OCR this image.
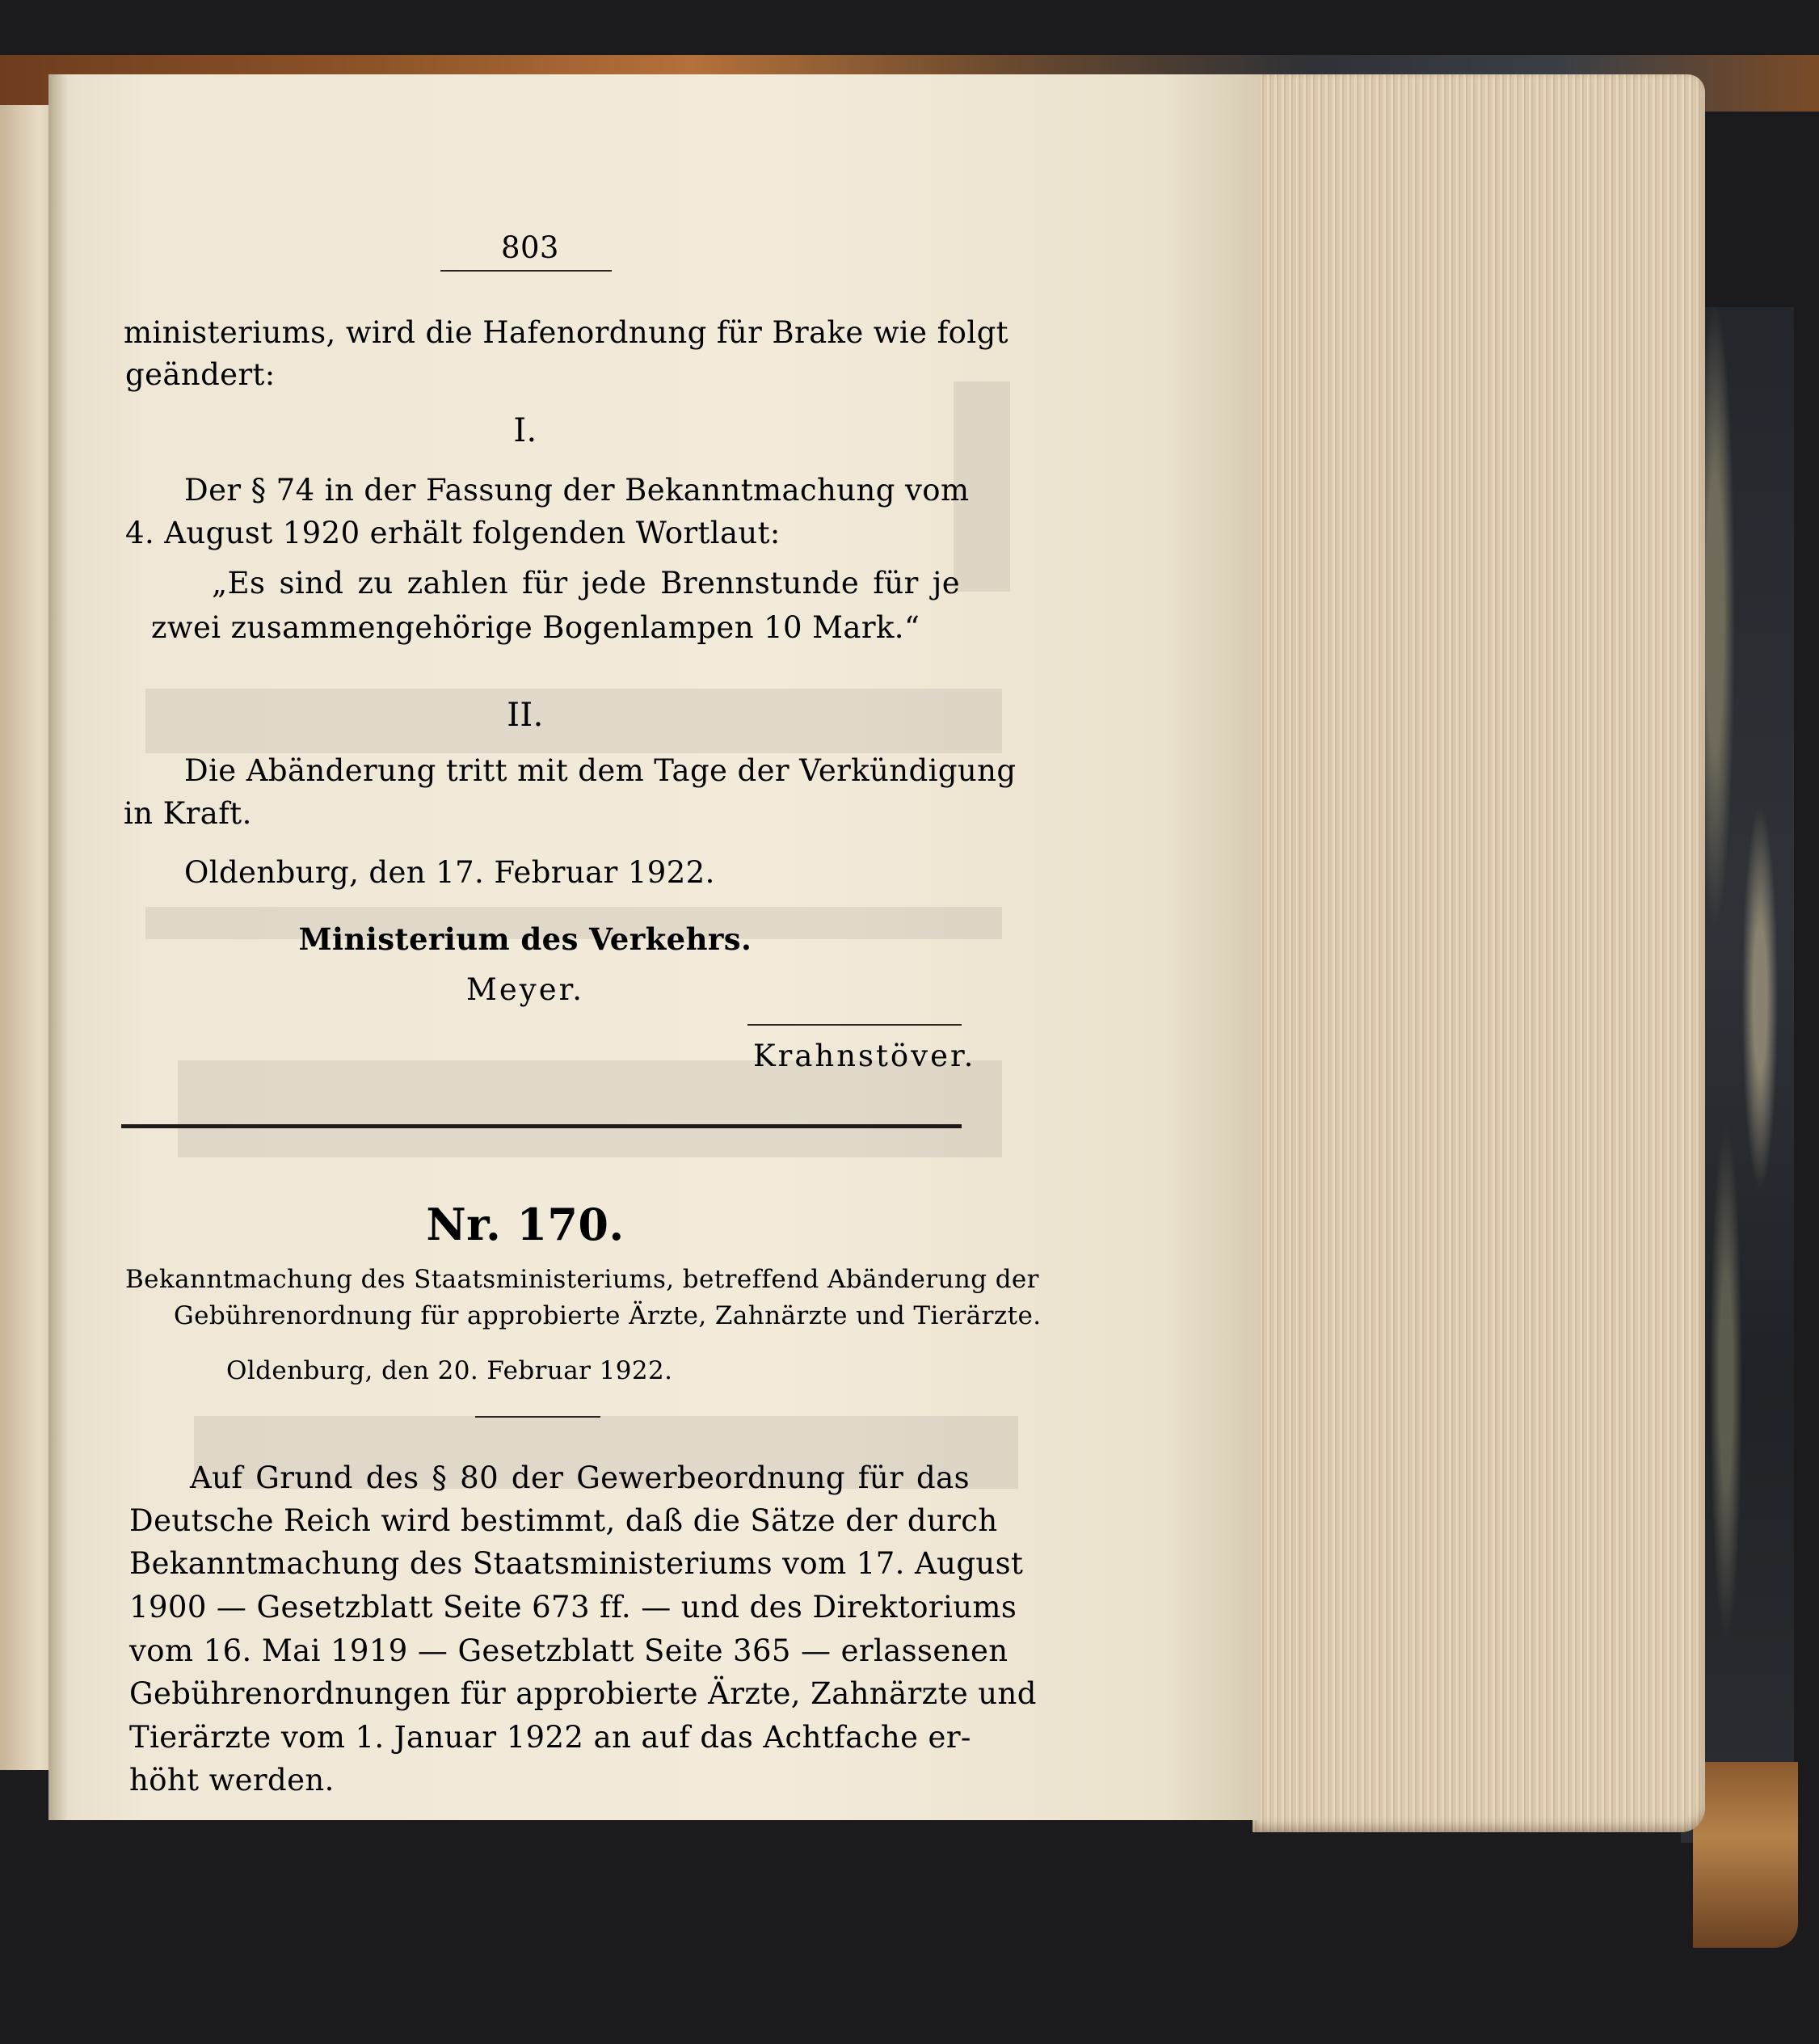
803
ministeriums, wird die Hafenordnung für Brake wie folgt
geändert:
I.
Der § 74 in der Fassung der Bekanntmachung vom
4. August 1920 erhält folgenden Wortlaut:
„Es sind zu zahlen für jede Brennstunde für je
zwei zusammengehörige Bogenlampen 10 Mark.“
II.
Die Abänderung tritt mit dem Tage der Verkündigung
in Kraft.
Oldenburg, den 17. Februar 1922.
Ministerium des Verkehrs.
Meyer.
Krahnstöver.
Nr. 170.
Bekanntmachung des Staatsministeriums, betreffend Abänderung der
Gebührenordnung für approbierte Ärzte, Zahnärzte und Tierärzte.
Oldenburg, den 20. Februar 1922.
Auf Grund des § 80 der Gewerbeordnung für das
Deutsche Reich wird bestimmt, daß die Sätze der durch
Bekanntmachung des Staatsministeriums vom 17. August
1900 — Gesetzblatt Seite 673 ff. — und des Direktoriums
vom 16. Mai 1919 — Gesetzblatt Seite 365 — erlassenen
Gebührenordnungen für approbierte Ärzte, Zahnärzte und
Tierärzte vom 1. Januar 1922 an auf das Achtfache er-
höht werden.
